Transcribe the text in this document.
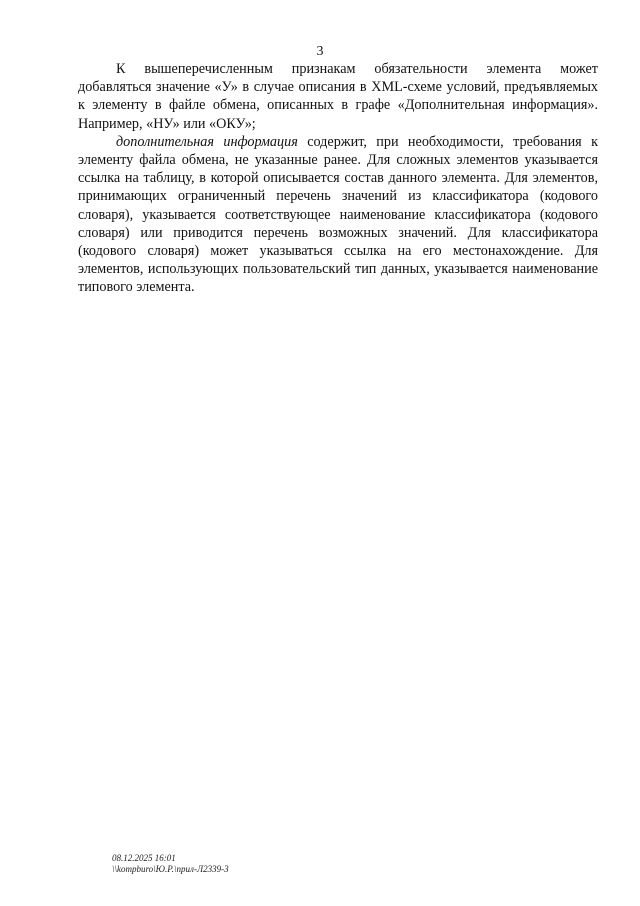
3

К вышеперечисленным признакам обязательности элемента может добавляться значение «У» в случае описания в XML-схеме условий, предъявляемых к элементу в файле обмена, описанных в графе «Дополнительная информация». Например, «НУ» или «ОКУ»;

дополнительная информация содержит, при необходимости, требования к элементу файла обмена, не указанные ранее. Для сложных элементов указывается ссылка на таблицу, в которой описывается состав данного элемента. Для элементов, принимающих ограниченный перечень значений из классификатора (кодового словаря), указывается соответствующее наименование классификатора (кодового словаря) или приводится перечень возможных значений. Для классификатора (кодового словаря) может указываться ссылка на его местонахождение. Для элементов, использующих пользовательский тип данных, указывается наименование типового элемента.

08.12.2025 16:01
\\kompburo\Ю.Р.\прил-Л2339-3
